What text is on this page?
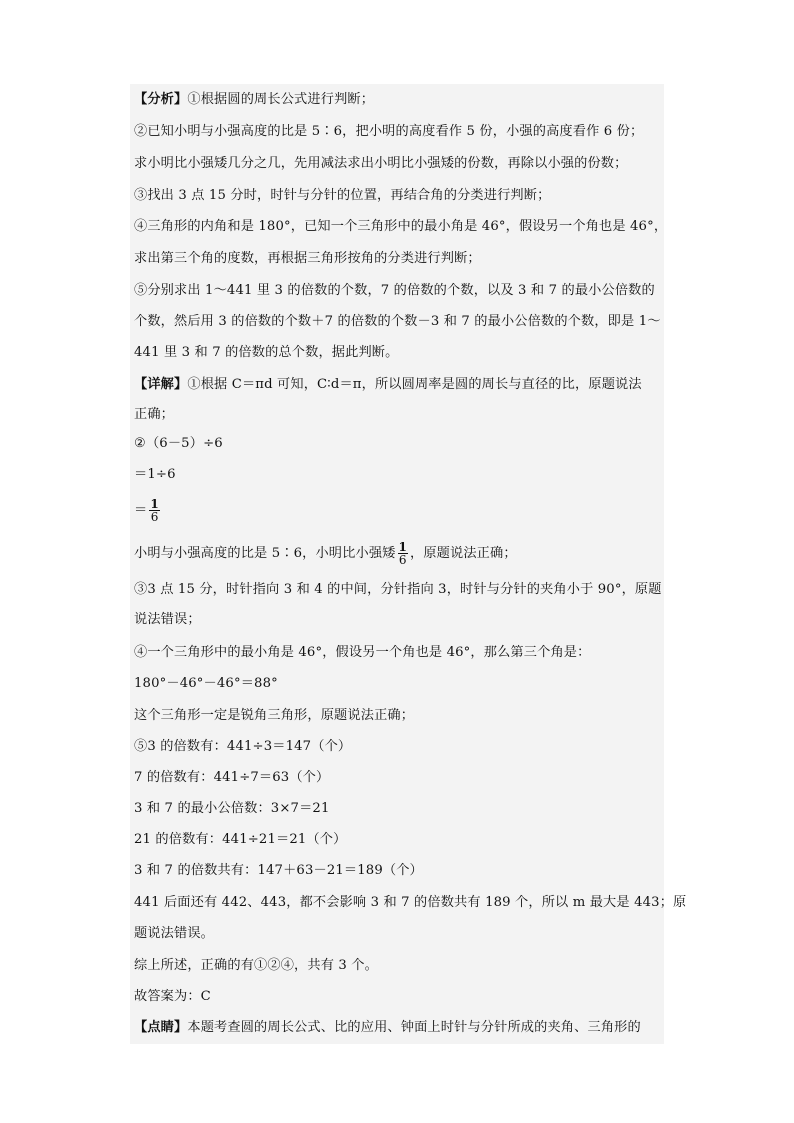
【分析】①根据圆的周长公式进行判断；
②已知小明与小强高度的比是 5∶6，把小明的高度看作 5 份，小强的高度看作 6 份；
求小明比小强矮几分之几，先用减法求出小明比小强矮的份数，再除以小强的份数；
③找出 3 点 15 分时，时针与分针的位置，再结合角的分类进行判断；
④三角形的内角和是 180°，已知一个三角形中的最小角是 46°，假设另一个角也是 46°，
求出第三个角的度数，再根据三角形按角的分类进行判断；
⑤分别求出 1～441 里 3 的倍数的个数，7 的倍数的个数，以及 3 和 7 的最小公倍数的
个数，然后用 3 的倍数的个数＋7 的倍数的个数－3 和 7 的最小公倍数的个数，即是 1～
441 里 3 和 7 的倍数的总个数，据此判断。
【详解】①根据 C＝πd 可知，C∶d＝π，所以圆周率是圆的周长与直径的比，原题说法
正确；
②（6－5）÷6
＝1÷6
＝ $\frac{1}{6}$
小明与小强高度的比是 5∶6，小明比小强矮 $\frac{1}{6}$ ，原题说法正确；
③3 点 15 分，时针指向 3 和 4 的中间，分针指向 3，时针与分针的夹角小于 90°，原题
说法错误；
④一个三角形中的最小角是 46°，假设另一个角也是 46°，那么第三个角是：
180°－46°－46°＝88°
这个三角形一定是锐角三角形，原题说法正确；
⑤3 的倍数有：441÷3＝147（个）
7 的倍数有：441÷7＝63（个）
3 和 7 的最小公倍数：3×7＝21
21 的倍数有：441÷21＝21（个）
3 和 7 的倍数共有：147＋63－21＝189（个）
441 后面还有 442、443，都不会影响 3 和 7 的倍数共有 189 个，所以 m 最大是 443；原
题说法错误。
综上所述，正确的有①②④，共有 3 个。
故答案为：C
【点睛】本题考查圆的周长公式、比的应用、钟面上时针与分针所成的夹角、三角形的
